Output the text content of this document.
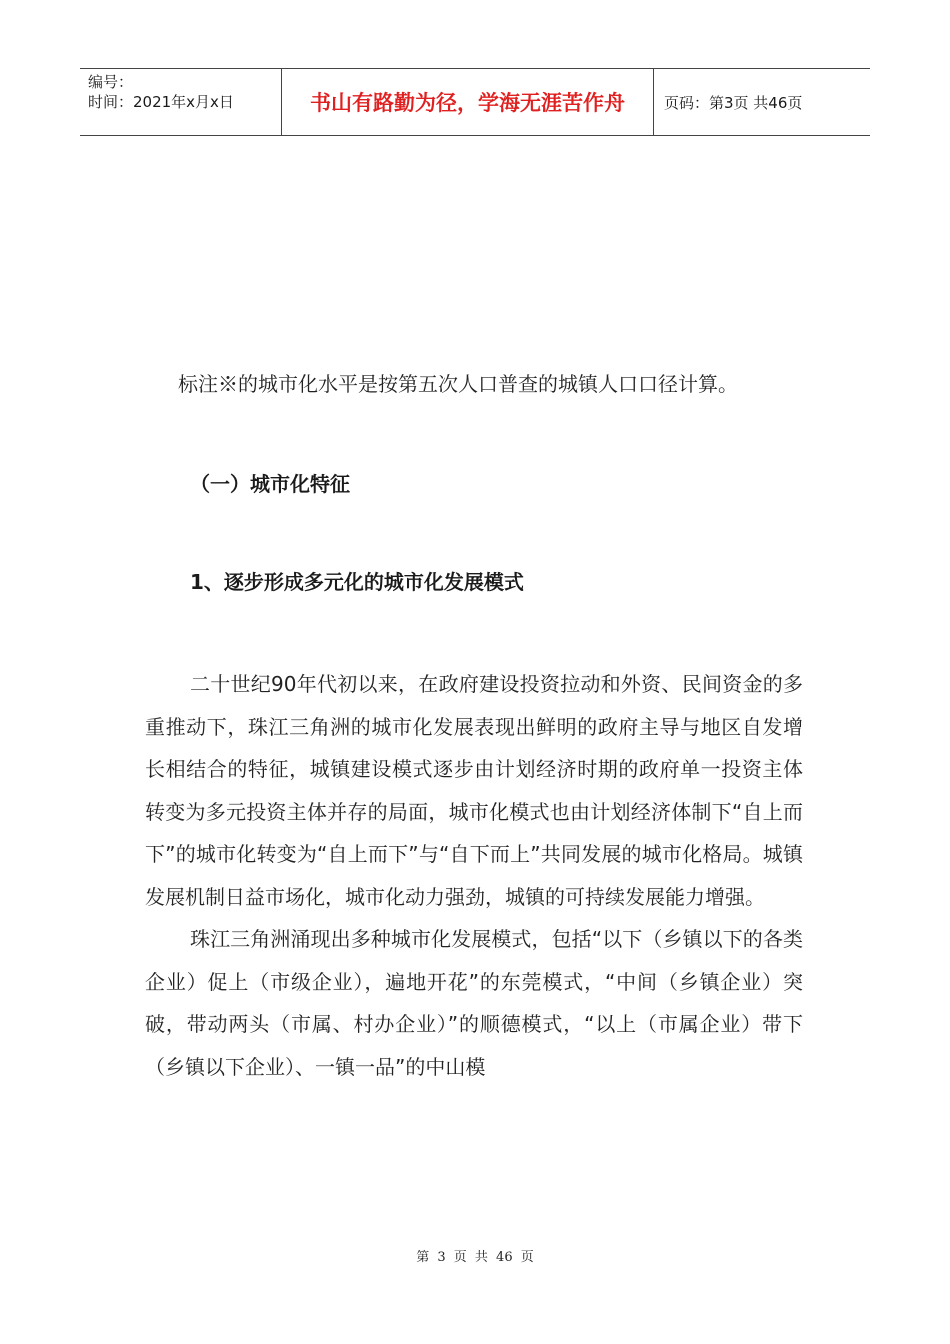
编号：
时间：2021年x月x日	书山有路勤为径，学海无涯苦作舟	页码：第3页 共46页
标注※的城市化水平是按第五次人口普查的城镇人口口径计算。
（一）城市化特征
1、逐步形成多元化的城市化发展模式

二十世纪90年代初以来，在政府建设投资拉动和外资、民间资金的多重推动下，珠江三角洲的城市化发展表现出鲜明的政府主导与地区自发增长相结合的特征，城镇建设模式逐步由计划经济时期的政府单一投资主体转变为多元投资主体并存的局面，城市化模式也由计划经济体制下“自上而下”的城市化转变为“自上而下”与“自下而上”共同发展的城市化格局。城镇发展机制日益市场化，城市化动力强劲，城镇的可持续发展能力增强。

珠江三角洲涌现出多种城市化发展模式，包括“以下（乡镇以下的各类企业）促上（市级企业），遍地开花”的东莞模式，“中间（乡镇企业）突破，带动两头（市属、村办企业）”的顺德模式，“以上（市属企业）带下（乡镇以下企业）、一镇一品”的中山模

第 3 页 共 46 页
